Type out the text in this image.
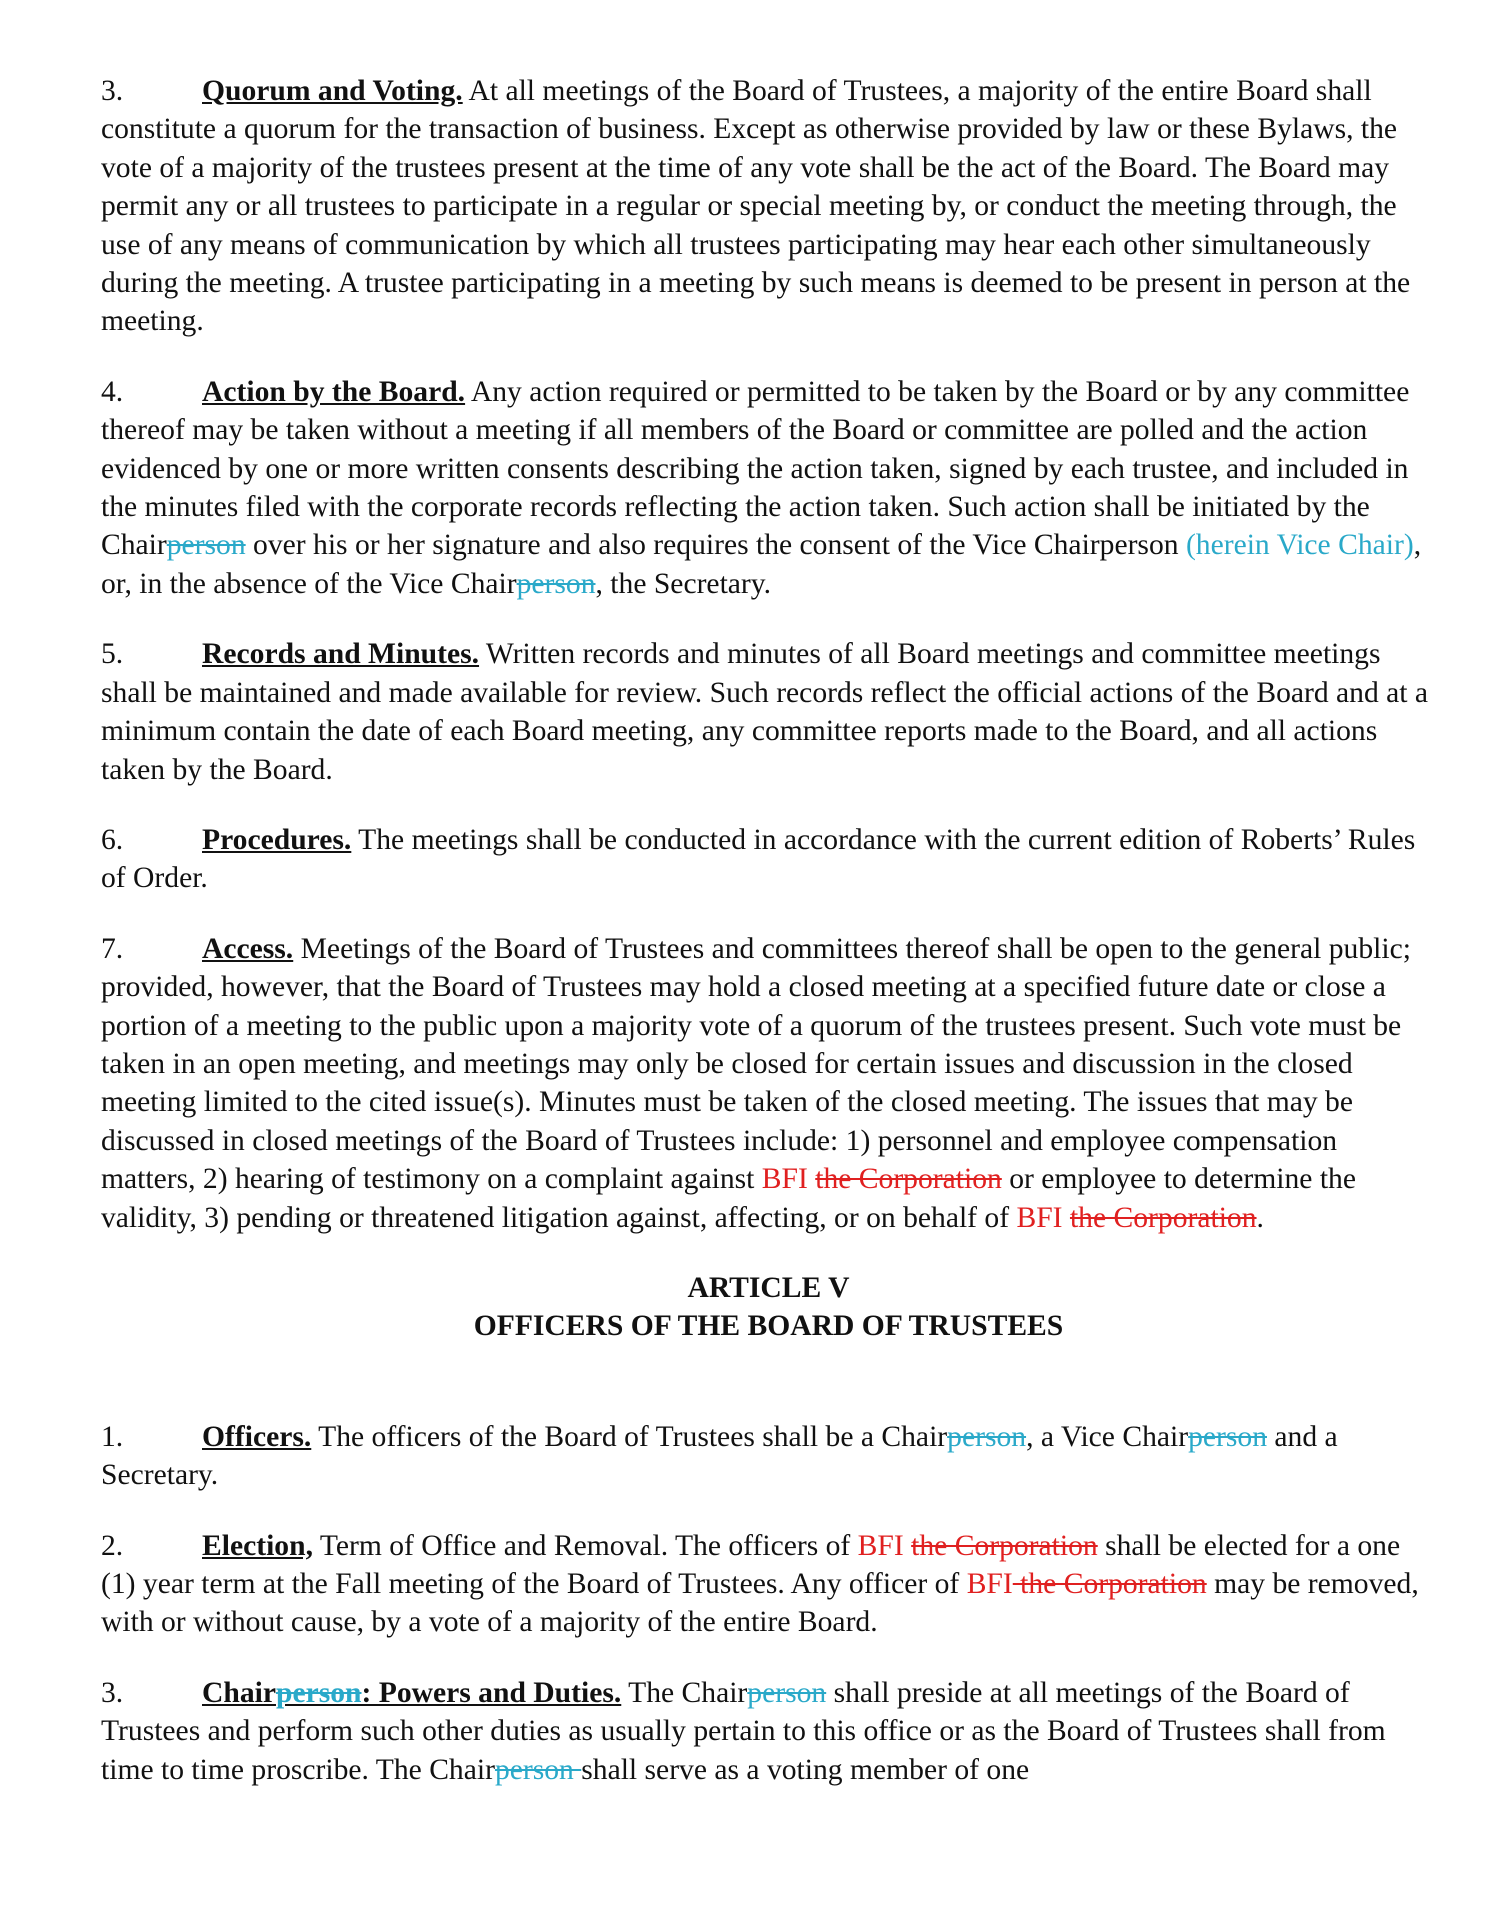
3.	Quorum and Voting. At all meetings of the Board of Trustees, a majority of the entire Board shall constitute a quorum for the transaction of business. Except as otherwise provided by law or these Bylaws, the vote of a majority of the trustees present at the time of any vote shall be the act of the Board. The Board may permit any or all trustees to participate in a regular or special meeting by, or conduct the meeting through, the use of any means of communication by which all trustees participating may hear each other simultaneously during the meeting. A trustee participating in a meeting by such means is deemed to be present in person at the meeting.

4.	Action by the Board. Any action required or permitted to be taken by the Board or by any committee thereof may be taken without a meeting if all members of the Board or committee are polled and the action evidenced by one or more written consents describing the action taken, signed by each trustee, and included in the minutes filed with the corporate records reflecting the action taken. Such action shall be initiated by the Chairperson over his or her signature and also requires the consent of the Vice Chairperson (herein Vice Chair), or, in the absence of the Vice Chairperson, the Secretary.

5.	Records and Minutes. Written records and minutes of all Board meetings and committee meetings shall be maintained and made available for review. Such records reflect the official actions of the Board and at a minimum contain the date of each Board meeting, any committee reports made to the Board, and all actions taken by the Board.

6.	Procedures. The meetings shall be conducted in accordance with the current edition of Roberts’ Rules of Order.

7.	Access. Meetings of the Board of Trustees and committees thereof shall be open to the general public; provided, however, that the Board of Trustees may hold a closed meeting at a specified future date or close a portion of a meeting to the public upon a majority vote of a quorum of the trustees present. Such vote must be taken in an open meeting, and meetings may only be closed for certain issues and discussion in the closed meeting limited to the cited issue(s). Minutes must be taken of the closed meeting. The issues that may be discussed in closed meetings of the Board of Trustees include: 1) personnel and employee compensation matters, 2) hearing of testimony on a complaint against BFI the Corporation or employee to determine the validity, 3) pending or threatened litigation against, affecting, or on behalf of BFI the Corporation.

ARTICLE V

OFFICERS OF THE BOARD OF TRUSTEES

1.	Officers. The officers of the Board of Trustees shall be a Chairperson, a Vice Chairperson and a Secretary.

2.	Election, Term of Office and Removal. The officers of BFI the Corporation shall be elected for a one (1) year term at the Fall meeting of the Board of Trustees. Any officer of BFI the Corporation may be removed, with or without cause, by a vote of a majority of the entire Board.

3.	Chairperson: Powers and Duties. The Chairperson shall preside at all meetings of the Board of Trustees and perform such other duties as usually pertain to this office or as the Board of Trustees shall from time to time proscribe. The Chairperson shall serve as a voting member of one
